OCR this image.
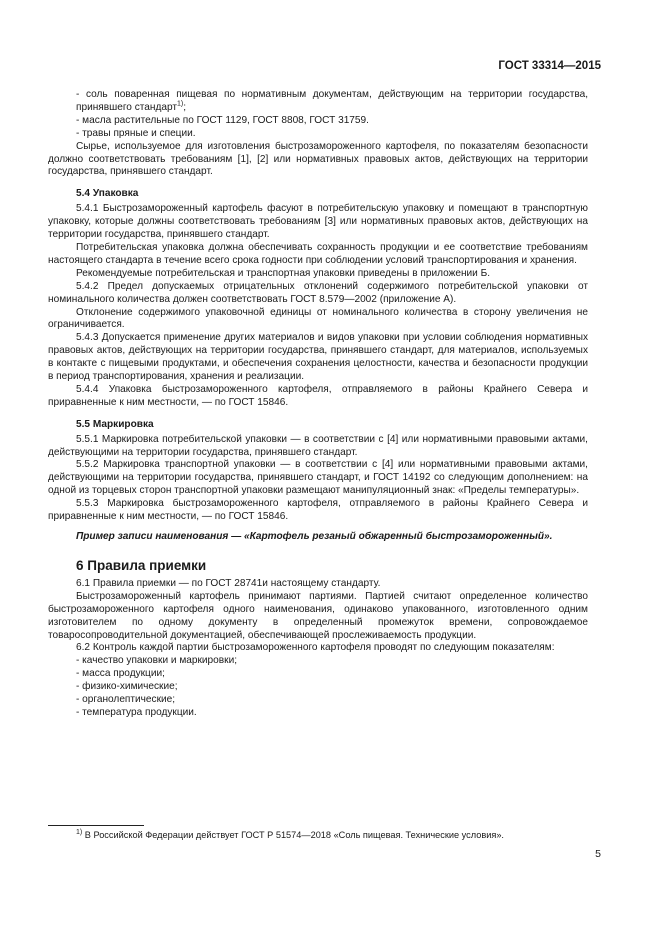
ГОСТ 33314—2015

- соль поваренная пищевая по нормативным документам, действующим на территории государства, принявшего стандарт$^{1)}$;

- масла растительные по ГОСТ 1129, ГОСТ 8808, ГОСТ 31759.

- травы пряные и специи.

Сырье, используемое для изготовления быстрозамороженного картофеля, по показателям безопасности должно соответствовать требованиям [1], [2] или нормативных правовых актов, действующих на территории государства, принявшего стандарт.

5.4 Упаковка

5.4.1 Быстрозамороженный картофель фасуют в потребительскую упаковку и помещают в транспортную упаковку, которые должны соответствовать требованиям [3] или нормативных правовых актов, действующих на территории государства, принявшего стандарт.

Потребительская упаковка должна обеспечивать сохранность продукции и ее соответствие требованиям настоящего стандарта в течение всего срока годности при соблюдении условий транспортирования и хранения.

Рекомендуемые потребительская и транспортная упаковки приведены в приложении Б.

5.4.2 Предел допускаемых отрицательных отклонений содержимого потребительской упаковки от номинального количества должен соответствовать ГОСТ 8.579—2002 (приложение А).

Отклонение содержимого упаковочной единицы от номинального количества в сторону увеличения не ограничивается.

5.4.3 Допускается применение других материалов и видов упаковки при условии соблюдения нормативных правовых актов, действующих на территории государства, принявшего стандарт, для материалов, используемых в контакте с пищевыми продуктами, и обеспечения сохранения целостности, качества и безопасности продукции в период транспортирования, хранения и реализации.

5.4.4 Упаковка быстрозамороженного картофеля, отправляемого в районы Крайнего Севера и приравненные к ним местности, — по ГОСТ 15846.

5.5 Маркировка

5.5.1 Маркировка потребительской упаковки — в соответствии с [4] или нормативными правовыми актами, действующими на территории государства, принявшего стандарт.

5.5.2 Маркировка транспортной упаковки — в соответствии с [4] или нормативными правовыми актами, действующими на территории государства, принявшего стандарт, и ГОСТ 14192 со следующим дополнением: на одной из торцевых сторон транспортной упаковки размещают манипуляционный знак: «Пределы температуры».

5.5.3 Маркировка быстрозамороженного картофеля, отправляемого в районы Крайнего Севера и приравненные к ним местности, — по ГОСТ 15846.

Пример записи наименования — «Картофель резаный обжаренный быстрозамороженный».

6 Правила приемки

6.1 Правила приемки — по ГОСТ 28741и настоящему стандарту.

Быстрозамороженный картофель принимают партиями. Партией считают определенное количество быстрозамороженного картофеля одного наименования, одинаково упакованного, изготовленного одним изготовителем по одному документу в определенный промежуток времени, сопровождаемое товаросопроводительной документацией, обеспечивающей прослеживаемость продукции.

6.2 Контроль каждой партии быстрозамороженного картофеля проводят по следующим показателям:

- качество упаковки и маркировки;

- масса продукции;

- физико-химические;

- органолептические;

- температура продукции.

$^{1)}$ В Российской Федерации действует ГОСТ Р 51574—2018 «Соль пищевая. Технические условия».
5
